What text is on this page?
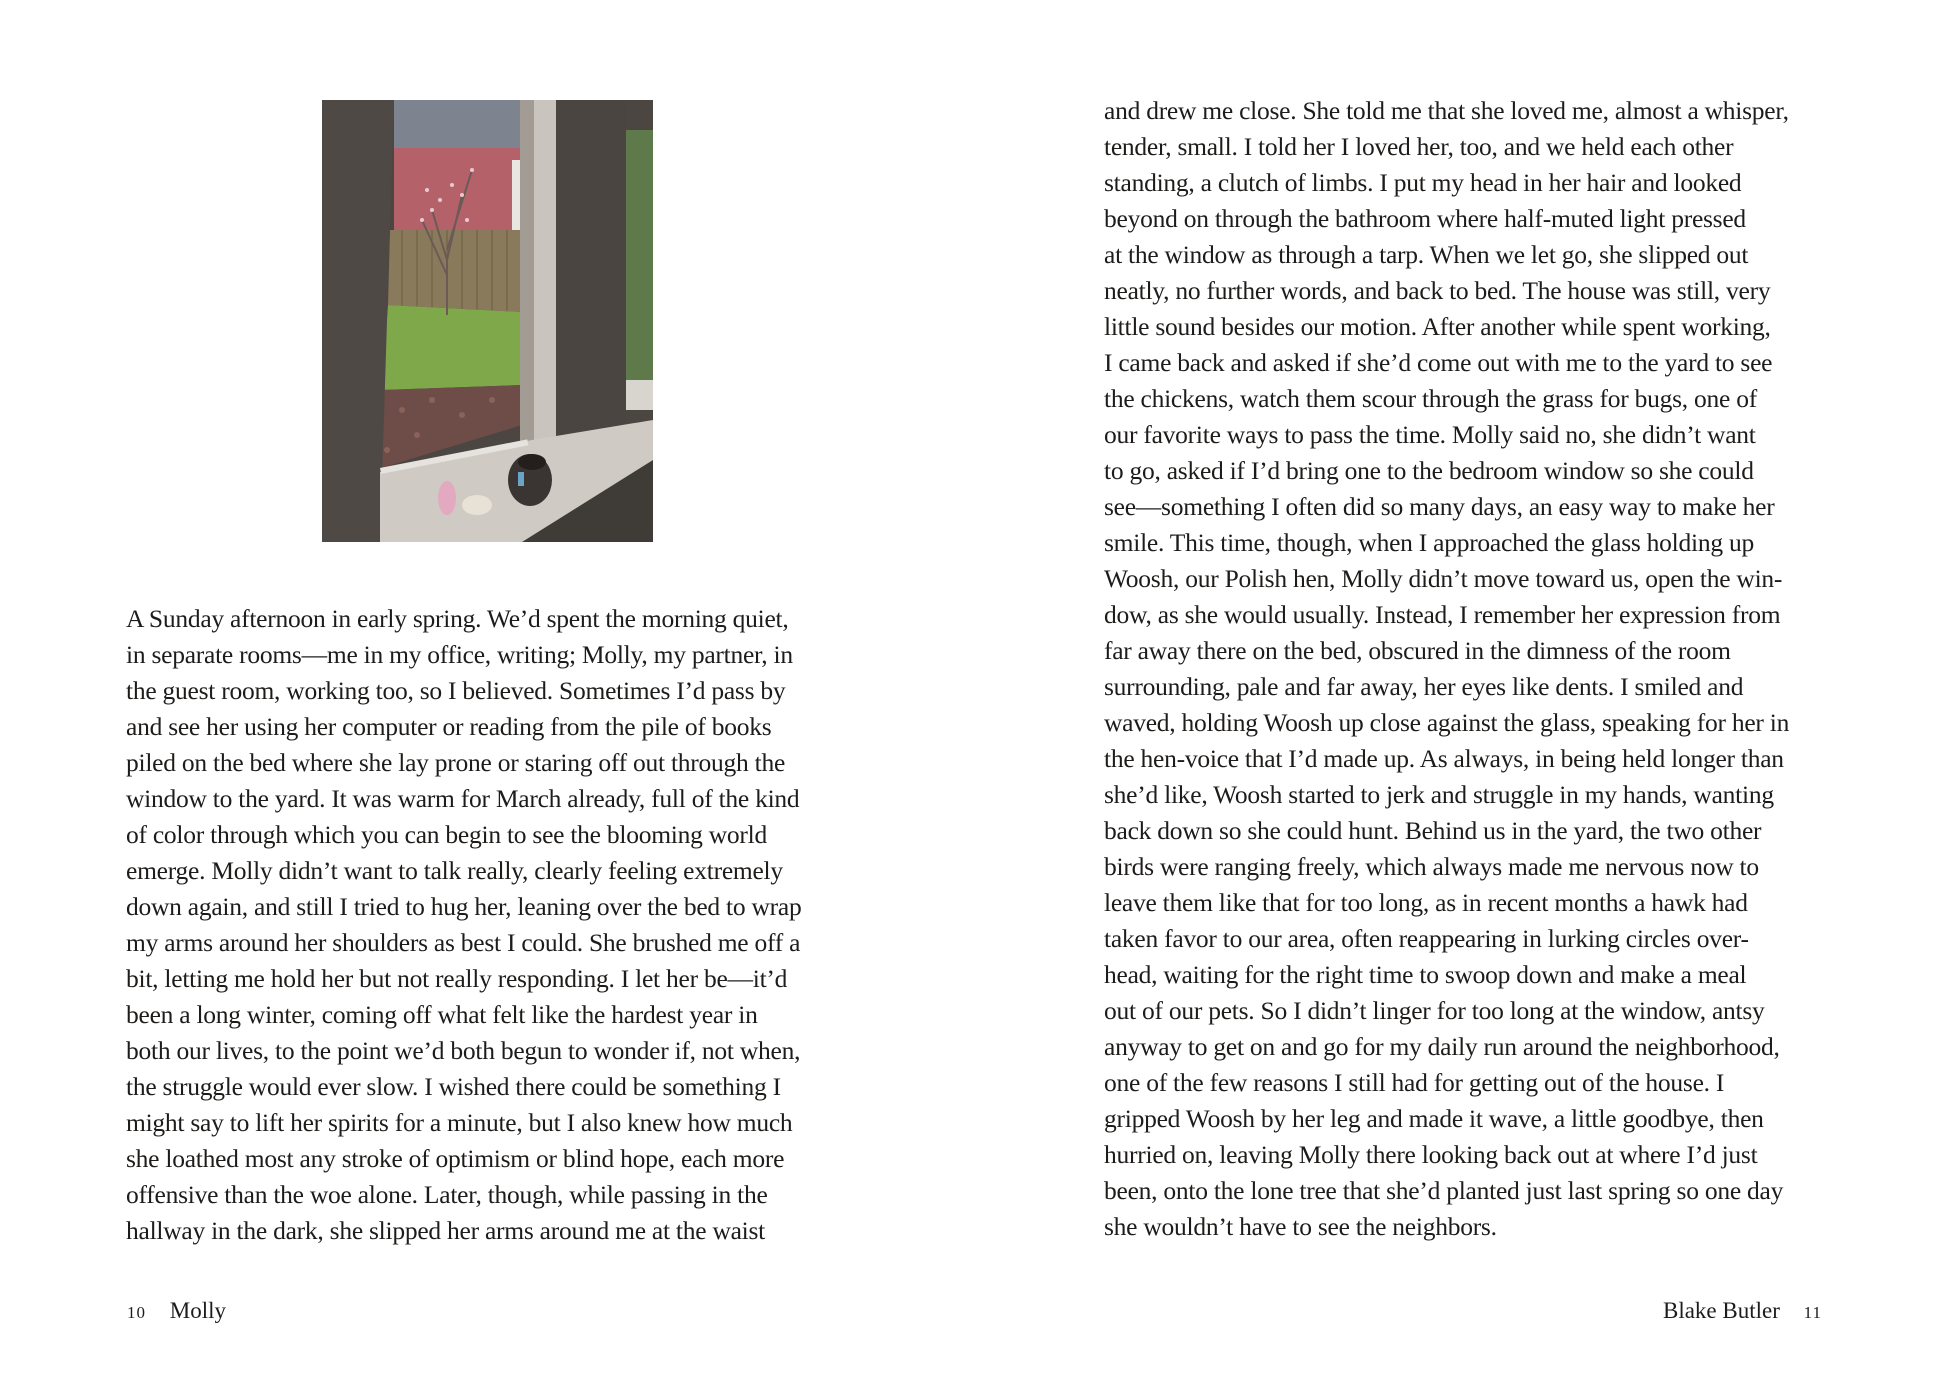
A Sunday afternoon in early spring. We’d spent the morning quiet,
in separate rooms—me in my office, writing; Molly, my partner, in
the guest room, working too, so I believed. Sometimes I’d pass by
and see her using her computer or reading from the pile of books
piled on the bed where she lay prone or staring off out through the
window to the yard. It was warm for March already, full of the kind
of color through which you can begin to see the blooming world
emerge. Molly didn’t want to talk really, clearly feeling extremely
down again, and still I tried to hug her, leaning over the bed to wrap
my arms around her shoulders as best I could. She brushed me off a
bit, letting me hold her but not really responding. I let her be—it’d
been a long winter, coming off what felt like the hardest year in
both our lives, to the point we’d both begun to wonder if, not when,
the struggle would ever slow. I wished there could be something I
might say to lift her spirits for a minute, but I also knew how much
she loathed most any stroke of optimism or blind hope, each more
offensive than the woe alone. Later, though, while passing in the
hallway in the dark, she slipped her arms around me at the waist
10 Molly
and drew me close. She told me that she loved me, almost a whisper,
tender, small. I told her I loved her, too, and we held each other
standing, a clutch of limbs. I put my head in her hair and looked
beyond on through the bathroom where half-muted light pressed
at the window as through a tarp. When we let go, she slipped out
neatly, no further words, and back to bed. The house was still, very
little sound besides our motion. After another while spent working,
I came back and asked if she’d come out with me to the yard to see
the chickens, watch them scour through the grass for bugs, one of
our favorite ways to pass the time. Molly said no, she didn’t want
to go, asked if I’d bring one to the bedroom window so she could
see—something I often did so many days, an easy way to make her
smile. This time, though, when I approached the glass holding up
Woosh, our Polish hen, Molly didn’t move toward us, open the win-
dow, as she would usually. Instead, I remember her expression from
far away there on the bed, obscured in the dimness of the room
surrounding, pale and far away, her eyes like dents. I smiled and
waved, holding Woosh up close against the glass, speaking for her in
the hen-voice that I’d made up. As always, in being held longer than
she’d like, Woosh started to jerk and struggle in my hands, wanting
back down so she could hunt. Behind us in the yard, the two other
birds were ranging freely, which always made me nervous now to
leave them like that for too long, as in recent months a hawk had
taken favor to our area, often reappearing in lurking circles over-
head, waiting for the right time to swoop down and make a meal
out of our pets. So I didn’t linger for too long at the window, antsy
anyway to get on and go for my daily run around the neighborhood,
one of the few reasons I still had for getting out of the house. I
gripped Woosh by her leg and made it wave, a little goodbye, then
hurried on, leaving Molly there looking back out at where I’d just
been, onto the lone tree that she’d planted just last spring so one day
she wouldn’t have to see the neighbors.
Blake Butler 11
